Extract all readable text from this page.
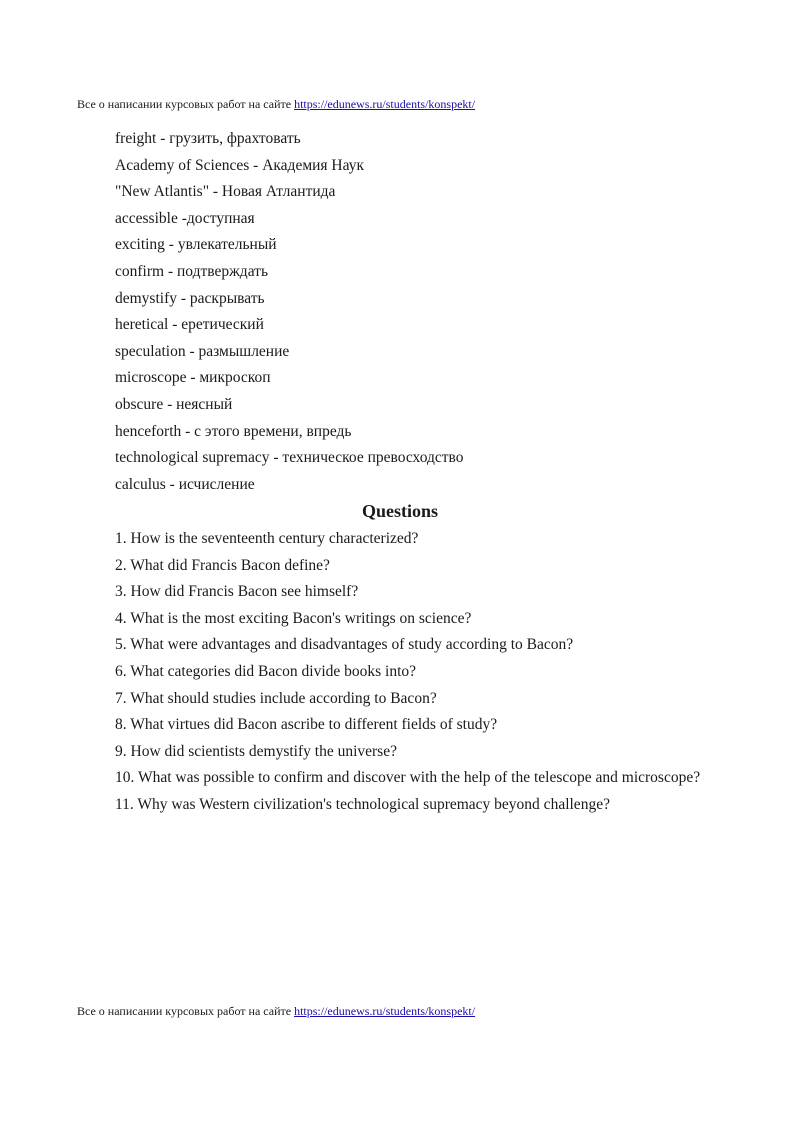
Все о написании курсовых работ на сайте https://edunews.ru/students/konspekt/
freight - грузить, фрахтовать
Academy of Sciences - Академия Наук
"New Atlantis" - Новая Атлантида
accessible -доступная
exciting - увлекательный
confirm - подтверждать
demystify - раскрывать
heretical - еретический
speculation - размышление
microscope - микроскоп
obscure - неясный
henceforth - с этого времени, впредь
technological supremacy - техническое превосходство
calculus - исчисление
Questions
1. How is the seventeenth century characterized?
2. What did Francis Bacon define?
3. How did Francis Bacon see himself?
4. What is the most exciting Bacon's writings on science?
5. What were advantages and disadvantages of study according to Bacon?
6. What categories did Bacon divide books into?
7. What should studies include according to Bacon?
8. What virtues did Bacon ascribe to different fields of study?
9. How did scientists demystify the universe?
10. What was possible to confirm and discover with the help of the telescope and microscope?
11. Why was Western civilization's technological supremacy beyond challenge?
Все о написании курсовых работ на сайте https://edunews.ru/students/konspekt/
